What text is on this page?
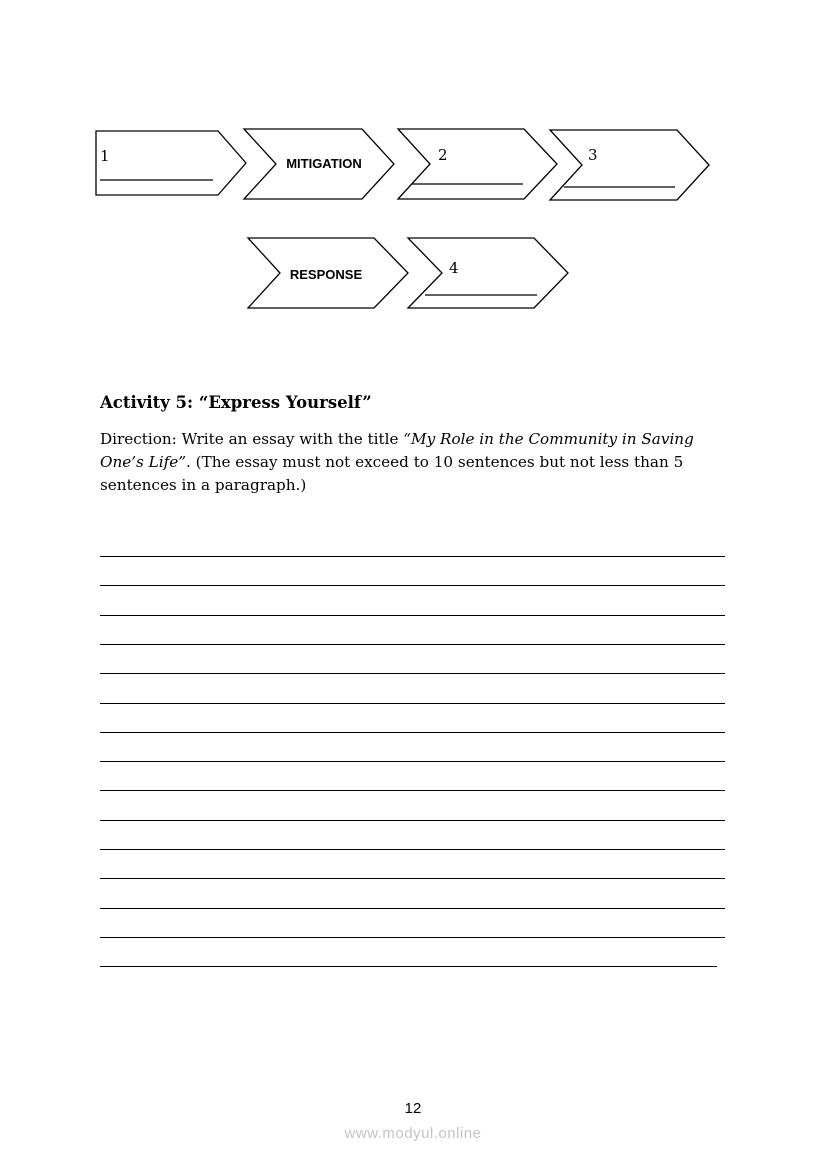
1	MITIGATION	2	3
RESPONSE	4
Activity 5: “Express Yourself”
Direction: Write an essay with the title “My Role in the Community in Saving
One’s Life”. (The essay must not exceed to 10 sentences but not less than 5
sentences in a paragraph.)
12
www.modyul.online
